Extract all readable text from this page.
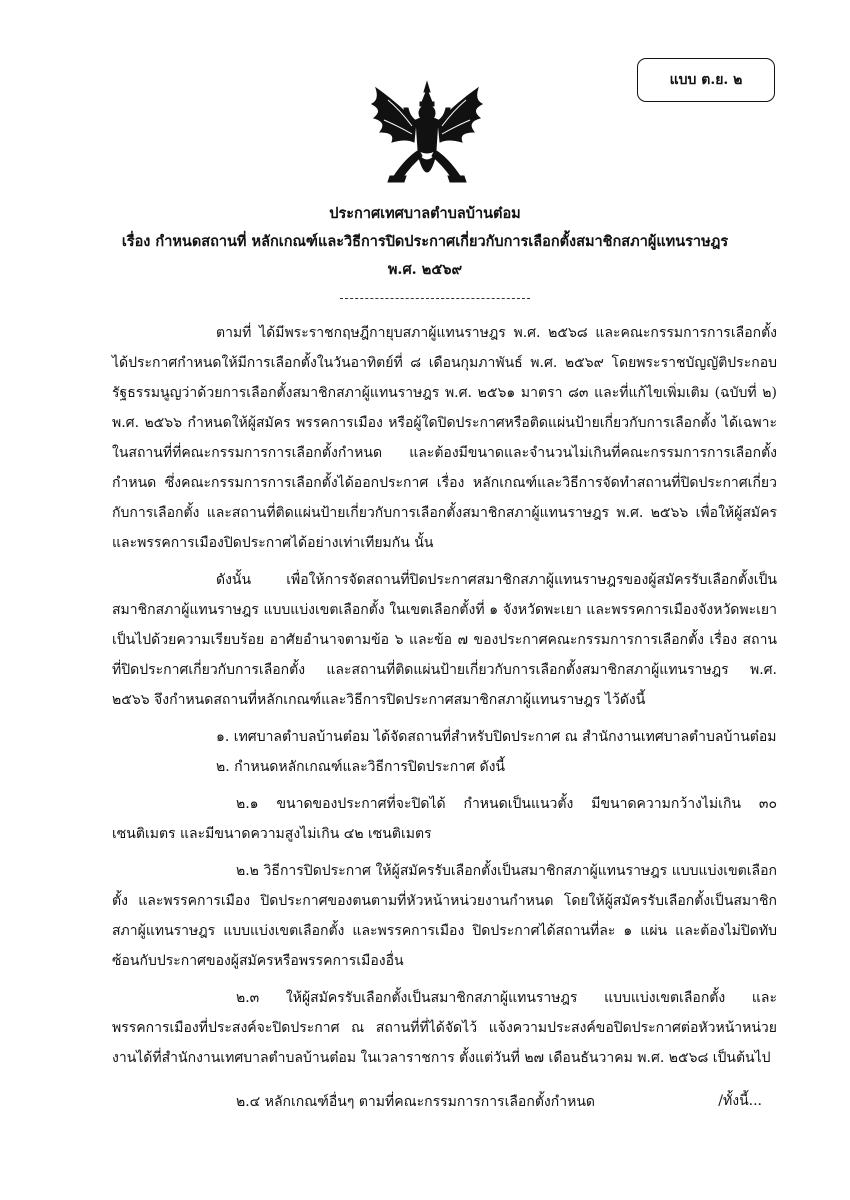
แบบ ต.ย. ๒
ประกาศเทศบาลตำบลบ้านต๋อม
เรื่อง กำหนดสถานที่ หลักเกณฑ์และวิธีการปิดประกาศเกี่ยวกับการเลือกตั้งสมาชิกสภาผู้แทนราษฎร
พ.ศ. ๒๕๖๙

ตามที่ ได้มีพระราชกฤษฎีกายุบสภาผู้แทนราษฎร พ.ศ. ๒๕๖๘ และคณะกรรมการการเลือกตั้ง ได้ประกาศกำหนดให้มีการเลือกตั้งในวันอาทิตย์ที่ ๘ เดือนกุมภาพันธ์ พ.ศ. ๒๕๖๙ โดยพระราชบัญญัติประกอบรัฐธรรมนูญว่าด้วยการเลือกตั้งสมาชิกสภาผู้แทนราษฎร พ.ศ. ๒๕๖๑ มาตรา ๘๓ และที่แก้ไขเพิ่มเติม (ฉบับที่ ๒) พ.ศ. ๒๕๖๖ กำหนดให้ผู้สมัคร พรรคการเมือง หรือผู้ใดปิดประกาศหรือติดแผ่นป้ายเกี่ยวกับการเลือกตั้ง ได้เฉพาะในสถานที่ที่คณะกรรมการการเลือกตั้งกำหนด และต้องมีขนาดและจำนวนไม่เกินที่คณะกรรมการการเลือกตั้งกำหนด ซึ่งคณะกรรมการการเลือกตั้งได้ออกประกาศ เรื่อง หลักเกณฑ์และวิธีการจัดทำสถานที่ปิดประกาศเกี่ยวกับการเลือกตั้ง และสถานที่ติดแผ่นป้ายเกี่ยวกับการเลือกตั้งสมาชิกสภาผู้แทนราษฎร พ.ศ. ๒๕๖๖ เพื่อให้ผู้สมัครและพรรคการเมืองปิดประกาศได้อย่างเท่าเทียมกัน นั้น

ดังนั้น เพื่อให้การจัดสถานที่ปิดประกาศสมาชิกสภาผู้แทนราษฎรของผู้สมัครรับเลือกตั้งเป็นสมาชิกสภาผู้แทนราษฎร แบบแบ่งเขตเลือกตั้ง ในเขตเลือกตั้งที่ ๑ จังหวัดพะเยา และพรรคการเมืองจังหวัดพะเยา เป็นไปด้วยความเรียบร้อย อาศัยอำนาจตามข้อ ๖ และข้อ ๗ ของประกาศคณะกรรมการการเลือกตั้ง เรื่อง สถานที่ปิดประกาศเกี่ยวกับการเลือกตั้ง และสถานที่ติดแผ่นป้ายเกี่ยวกับการเลือกตั้งสมาชิกสภาผู้แทนราษฎร พ.ศ. ๒๕๖๖ จึงกำหนดสถานที่หลักเกณฑ์และวิธีการปิดประกาศสมาชิกสภาผู้แทนราษฎร ไว้ดังนี้

๑. เทศบาลตำบลบ้านต๋อม ได้จัดสถานที่สำหรับปิดประกาศ ณ สำนักงานเทศบาลตำบลบ้านต๋อม

๒. กำหนดหลักเกณฑ์และวิธีการปิดประกาศ ดังนี้

๒.๑ ขนาดของประกาศที่จะปิดได้ กำหนดเป็นแนวตั้ง มีขนาดความกว้างไม่เกิน ๓๐ เซนติเมตร และมีขนาดความสูงไม่เกิน ๔๒ เซนติเมตร

๒.๒ วิธีการปิดประกาศ ให้ผู้สมัครรับเลือกตั้งเป็นสมาชิกสภาผู้แทนราษฎร แบบแบ่งเขตเลือกตั้ง และพรรคการเมือง ปิดประกาศของตนตามที่หัวหน้าหน่วยงานกำหนด โดยให้ผู้สมัครรับเลือกตั้งเป็นสมาชิกสภาผู้แทนราษฎร แบบแบ่งเขตเลือกตั้ง และพรรคการเมือง ปิดประกาศได้สถานที่ละ ๑ แผ่น และต้องไม่ปิดทับซ้อนกับประกาศของผู้สมัครหรือพรรคการเมืองอื่น

๒.๓ ให้ผู้สมัครรับเลือกตั้งเป็นสมาชิกสภาผู้แทนราษฎร แบบแบ่งเขตเลือกตั้ง และพรรคการเมืองที่ประสงค์จะปิดประกาศ ณ สถานที่ที่ได้จัดไว้ แจ้งความประสงค์ขอปิดประกาศต่อหัวหน้าหน่วยงานได้ที่สำนักงานเทศบาลตำบลบ้านต๋อม ในเวลาราชการ ตั้งแต่วันที่ ๒๗ เดือนธันวาคม พ.ศ. ๒๕๖๘ เป็นต้นไป

๒.๔ หลักเกณฑ์อื่นๆ ตามที่คณะกรรมการการเลือกตั้งกำหนด	/ทั้งนี้...
